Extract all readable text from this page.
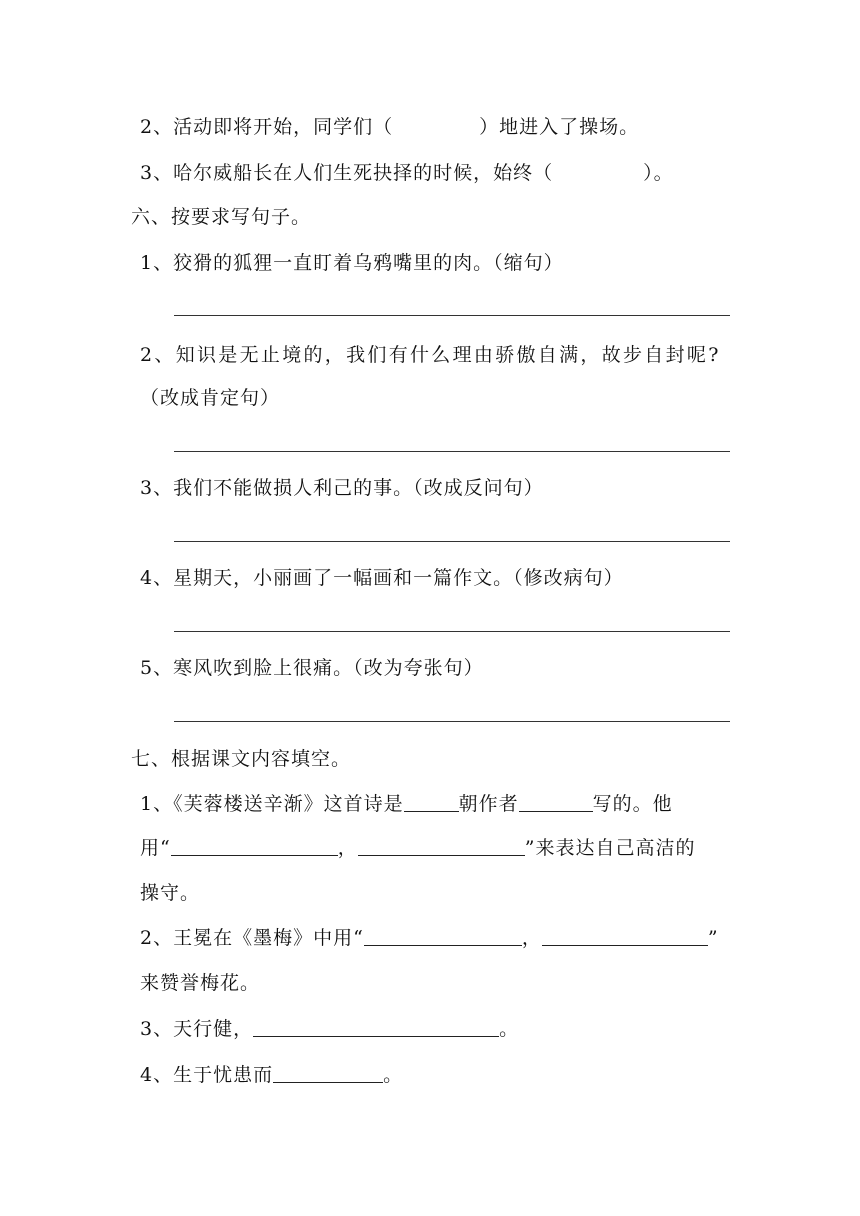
2、活动即将开始，同学们（	）地进入了操场。
3、哈尔威船长在人们生死抉择的时候，始终（	）。
六、按要求写句子。
1、狡猾的狐狸一直盯着乌鸦嘴里的肉。（缩句）
2、知识是无止境的，我们有什么理由骄傲自满，故步自封呢?
（改成肯定句）
3、我们不能做损人利己的事。（改成反问句）
4、星期天，小丽画了一幅画和一篇作文。（修改病句）
5、寒风吹到脸上很痛。（改为夸张句）
七、根据课文内容填空。
1、《芙蓉楼送辛渐》这首诗是	朝作者	写的。他
用“	，	”来表达自己高洁的
操守。
2、王冕在《墨梅》中用“	，	”
来赞誉梅花。
3、天行健，	。
4、生于忧患而	。
